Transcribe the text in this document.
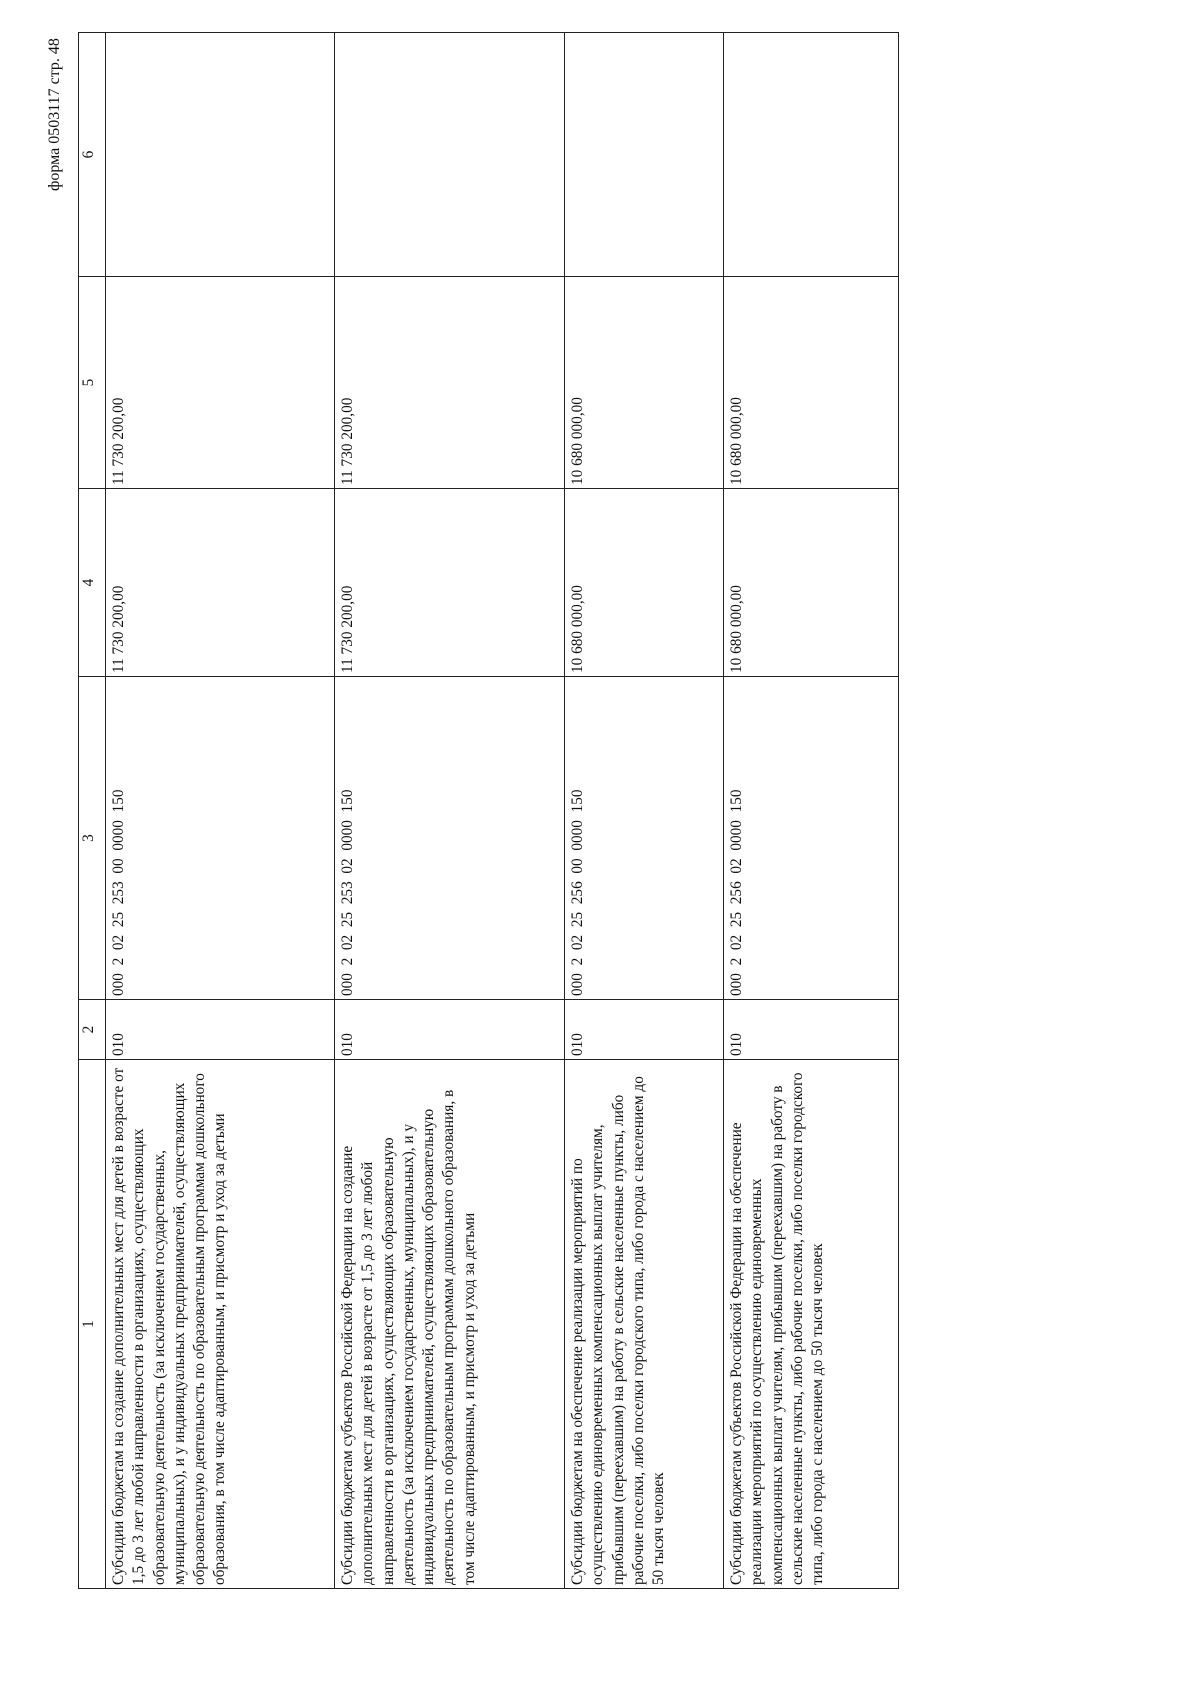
форма 0503117 стр. 48
1	2	3	4	5	6
Субсидии бюджетам на создание дополнительных мест для детей в возрасте от 1,5 до 3 лет любой направленности в организациях, осуществляющих образовательную деятельность (за исключением государственных, муниципальных), и у индивидуальных предпринимателей, осуществляющих образовательную деятельность по образовательным программам дошкольного образования, в том числе адаптированным, и присмотр и уход за детьми	010	000  2  02  25  253  00  0000  150	11 730 200,00	11 730 200,00	
Субсидии бюджетам субъектов Российской Федерации на создание дополнительных мест для детей в возрасте от 1,5 до 3 лет любой направленности в организациях, осуществляющих образовательную деятельность (за исключением государственных, муниципальных), и у индивидуальных предпринимателей, осуществляющих образовательную деятельность по образовательным программам дошкольного образования, в том числе адаптированным, и присмотр и уход за детьми	010	000  2  02  25  253  02  0000  150	11 730 200,00	11 730 200,00	
Субсидии бюджетам на обеспечение реализации мероприятий по осуществлению единовременных компенсационных выплат учителям, прибывшим (переехавшим) на работу в сельские населенные пункты, либо рабочие поселки, либо поселки городского типа, либо города с населением до 50 тысяч человек	010	000  2  02  25  256  00  0000  150	10 680 000,00	10 680 000,00	
Субсидии бюджетам субъектов Российской Федерации на обеспечение реализации мероприятий по осуществлению единовременных компенсационных выплат учителям, прибывшим (переехавшим) на работу в сельские населенные пункты, либо рабочие поселки, либо поселки городского типа, либо города с населением до 50 тысяч человек	010	000  2  02  25  256  02  0000  150	10 680 000,00	10 680 000,00	
